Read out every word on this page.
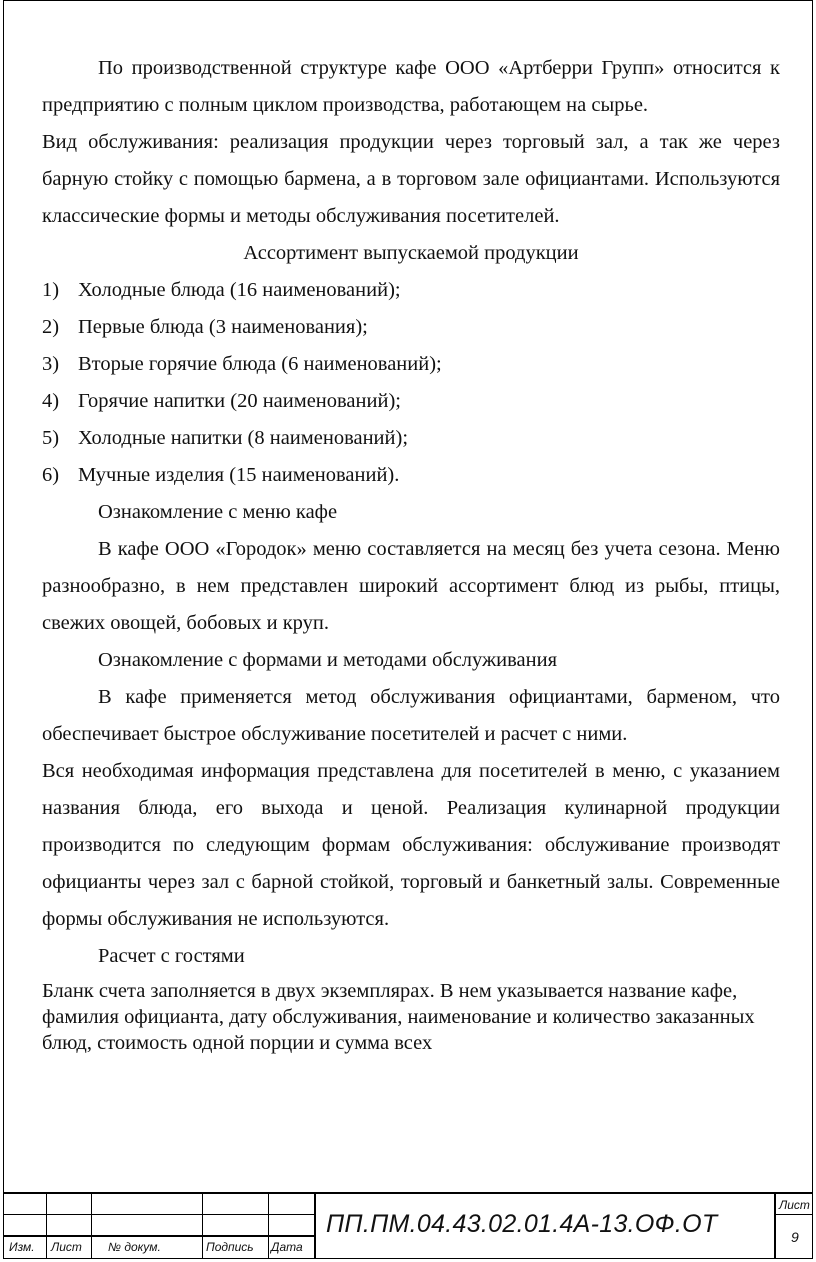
По производственной структуре кафе ООО «Артберри Групп» относится к предприятию с полным циклом производства, работающем на сырье.

Вид обслуживания: реализация продукции через торговый зал, а так же через барную стойку с помощью бармена, а в торговом зале официантами. Используются классические формы и методы обслуживания посетителей.

Ассортимент выпускаемой продукции

1) Холодные блюда (16 наименований);

2) Первые блюда (3 наименования);

3) Вторые горячие блюда (6 наименований);

4) Горячие напитки (20 наименований);

5) Холодные напитки (8 наименований);

6) Мучные изделия (15 наименований).

Ознакомление с меню кафе

В кафе ООО «Городок» меню составляется на месяц без учета сезона. Меню разнообразно, в нем представлен широкий ассортимент блюд из рыбы, птицы, свежих овощей, бобовых и круп.

Ознакомление с формами и методами обслуживания

В кафе применяется метод обслуживания официантами, барменом, что обеспечивает быстрое обслуживание посетителей и расчет с ними.

Вся необходимая информация представлена для посетителей в меню, с указанием названия блюда, его выхода и ценой. Реализация кулинарной продукции производится по следующим формам обслуживания: обслуживание производят официанты через зал с барной стойкой, торговый и банкетный залы. Современные формы обслуживания не используются.

Расчет с гостями

Бланк счета заполняется в двух экземплярах. В нем указывается название кафе, фамилия официанта, дату обслуживания, наименование и количество заказанных блюд, стоимость одной порции и сумма всех

Изм. Лист № докум.	Подпись Дата
ПП.ПМ.04.43.02.01.4А-13.ОФ.ОТ
Лист
9
